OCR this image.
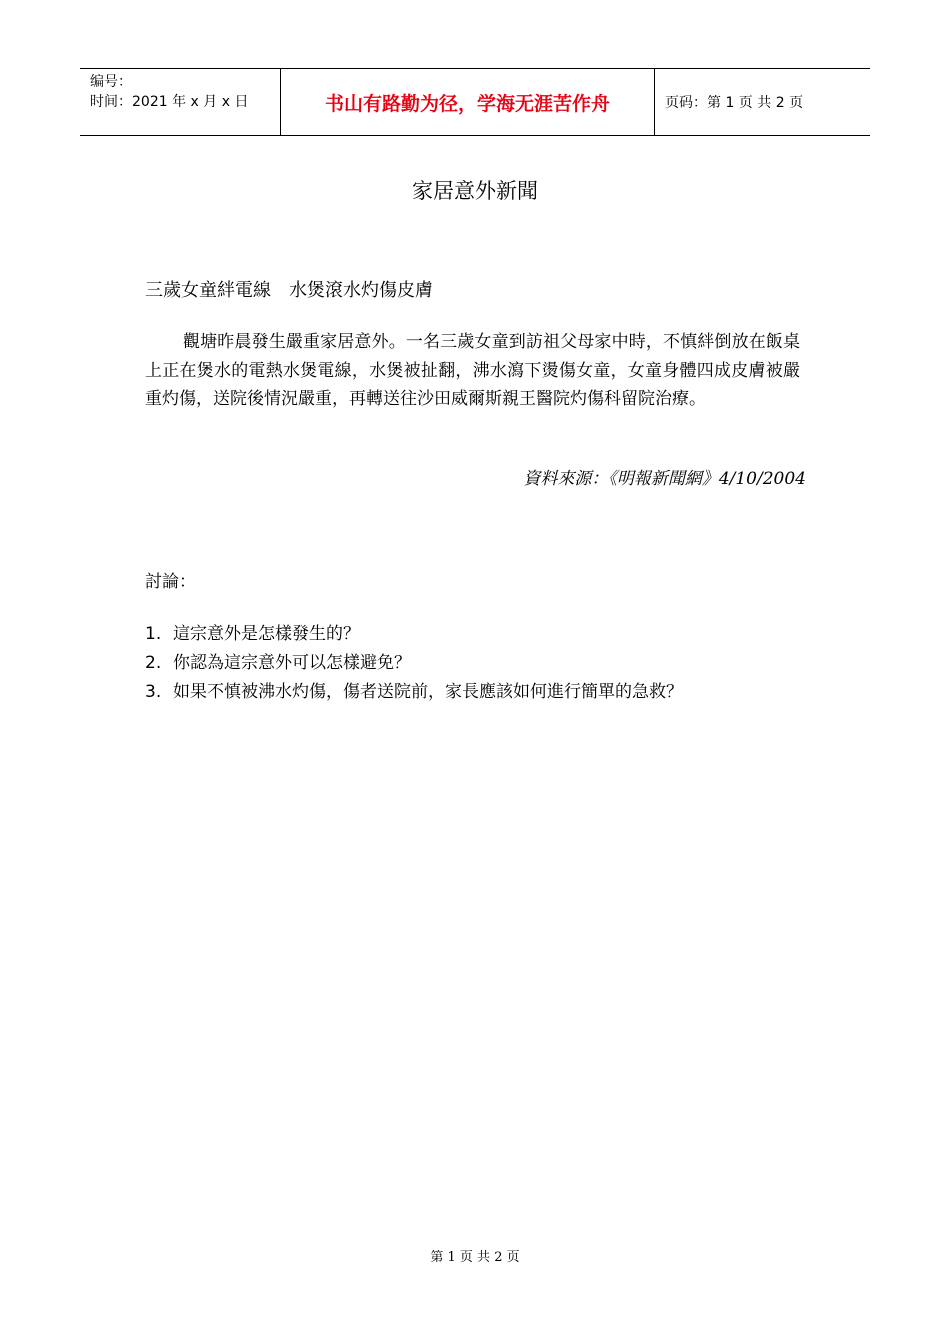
编号：
时间：2021 年 x 月 x 日	书山有路勤为径，学海无涯苦作舟	页码：第 1 页 共 2 页
家居意外新聞
三歲女童絆電線　水煲滾水灼傷皮膚
觀塘昨晨發生嚴重家居意外。一名三歲女童到訪祖父母家中時，不慎絆倒放在飯桌上正在煲水的電熱水煲電線，水煲被扯翻，沸水瀉下燙傷女童，女童身體四成皮膚被嚴重灼傷，送院後情況嚴重，再轉送往沙田威爾斯親王醫院灼傷科留院治療。
資料來源：《明報新聞網》4/10/2004
討論：
1. 這宗意外是怎樣發生的？
2. 你認為這宗意外可以怎樣避免？
3. 如果不慎被沸水灼傷，傷者送院前，家長應該如何進行簡單的急救？
第 1 页 共 2 页
